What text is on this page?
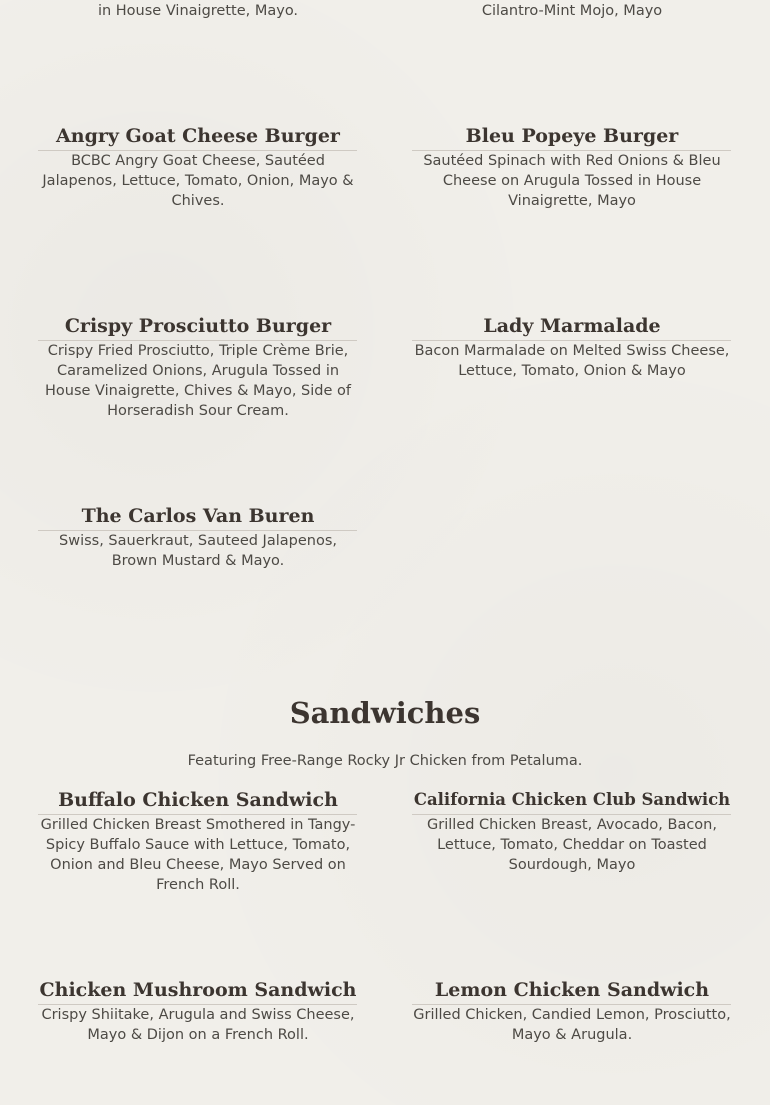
in House Vinaigrette, Mayo.	Cilantro-Mint Mojo, Mayo
Angry Goat Cheese Burger
BCBC Angry Goat Cheese, Sautéed Jalapenos, Lettuce, Tomato, Onion, Mayo & Chives.
Bleu Popeye Burger
Sautéed Spinach with Red Onions & Bleu Cheese on Arugula Tossed in House Vinaigrette, Mayo
Crispy Prosciutto Burger
Crispy Fried Prosciutto, Triple Crème Brie, Caramelized Onions, Arugula Tossed in House Vinaigrette, Chives & Mayo, Side of Horseradish Sour Cream.
Lady Marmalade
Bacon Marmalade on Melted Swiss Cheese, Lettuce, Tomato, Onion & Mayo
The Carlos Van Buren
Swiss, Sauerkraut, Sauteed Jalapenos, Brown Mustard & Mayo.
Sandwiches
Featuring Free-Range Rocky Jr Chicken from Petaluma.
Buffalo Chicken Sandwich
Grilled Chicken Breast Smothered in Tangy-Spicy Buffalo Sauce with Lettuce, Tomato, Onion and Bleu Cheese, Mayo Served on French Roll.
California Chicken Club Sandwich
Grilled Chicken Breast, Avocado, Bacon, Lettuce, Tomato, Cheddar on Toasted Sourdough, Mayo
Chicken Mushroom Sandwich
Crispy Shiitake, Arugula and Swiss Cheese, Mayo & Dijon on a French Roll.
Lemon Chicken Sandwich
Grilled Chicken, Candied Lemon, Prosciutto, Mayo & Arugula.
